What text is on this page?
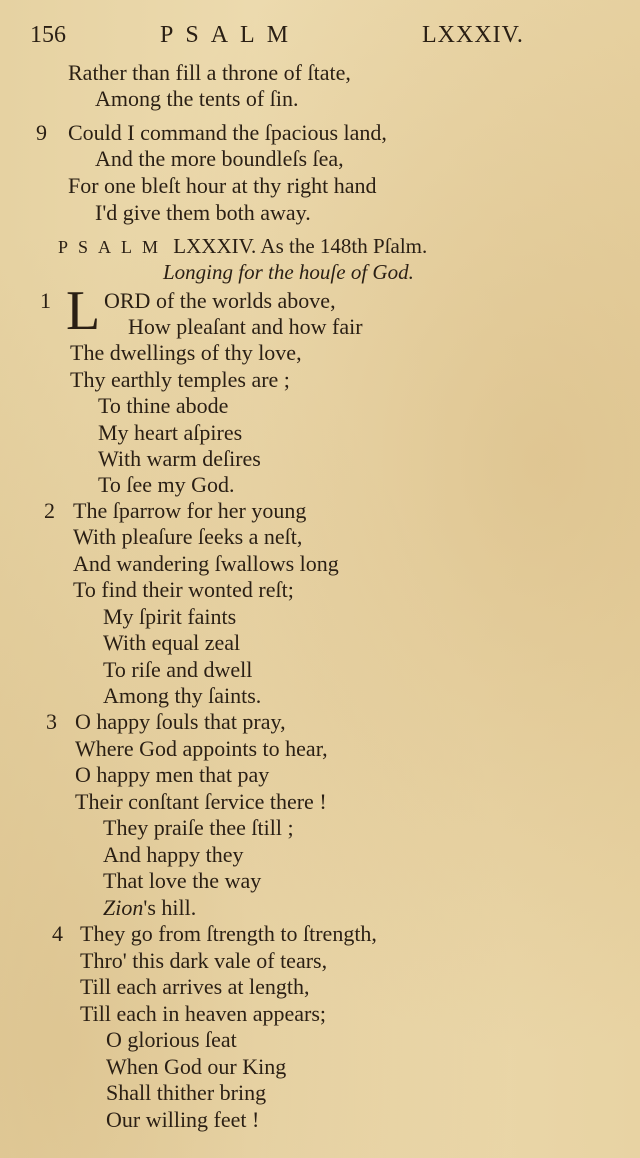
156	PSALM	LXXXIV.
Rather than fill a throne of ſtate,
Among the tents of ſin.
9 Could I command the ſpacious land,
And the more boundleſs ſea,
For one bleſt hour at thy right hand
I'd give them both away.
PSALM LXXXIV. As the 148th Pſalm.
Longing for the houſe of God.
1 L ORD of the worlds above,
How pleaſant and how fair
The dwellings of thy love,
Thy earthly temples are ;
To thine abode
My heart aſpires
With warm deſires
To ſee my God.
2 The ſparrow for her young
With pleaſure ſeeks a neſt,
And wandering ſwallows long
To find their wonted reſt;
My ſpirit faints
With equal zeal
To riſe and dwell
Among thy ſaints.
3 O happy ſouls that pray,
Where God appoints to hear,
O happy men that pay
Their conſtant ſervice there !
They praiſe thee ſtill ;
And happy they
That love the way
Zion's hill.
4 They go from ſtrength to ſtrength,
Thro' this dark vale of tears,
Till each arrives at length,
Till each in heaven appears;
O glorious ſeat
When God our King
Shall thither bring
Our willing feet !
